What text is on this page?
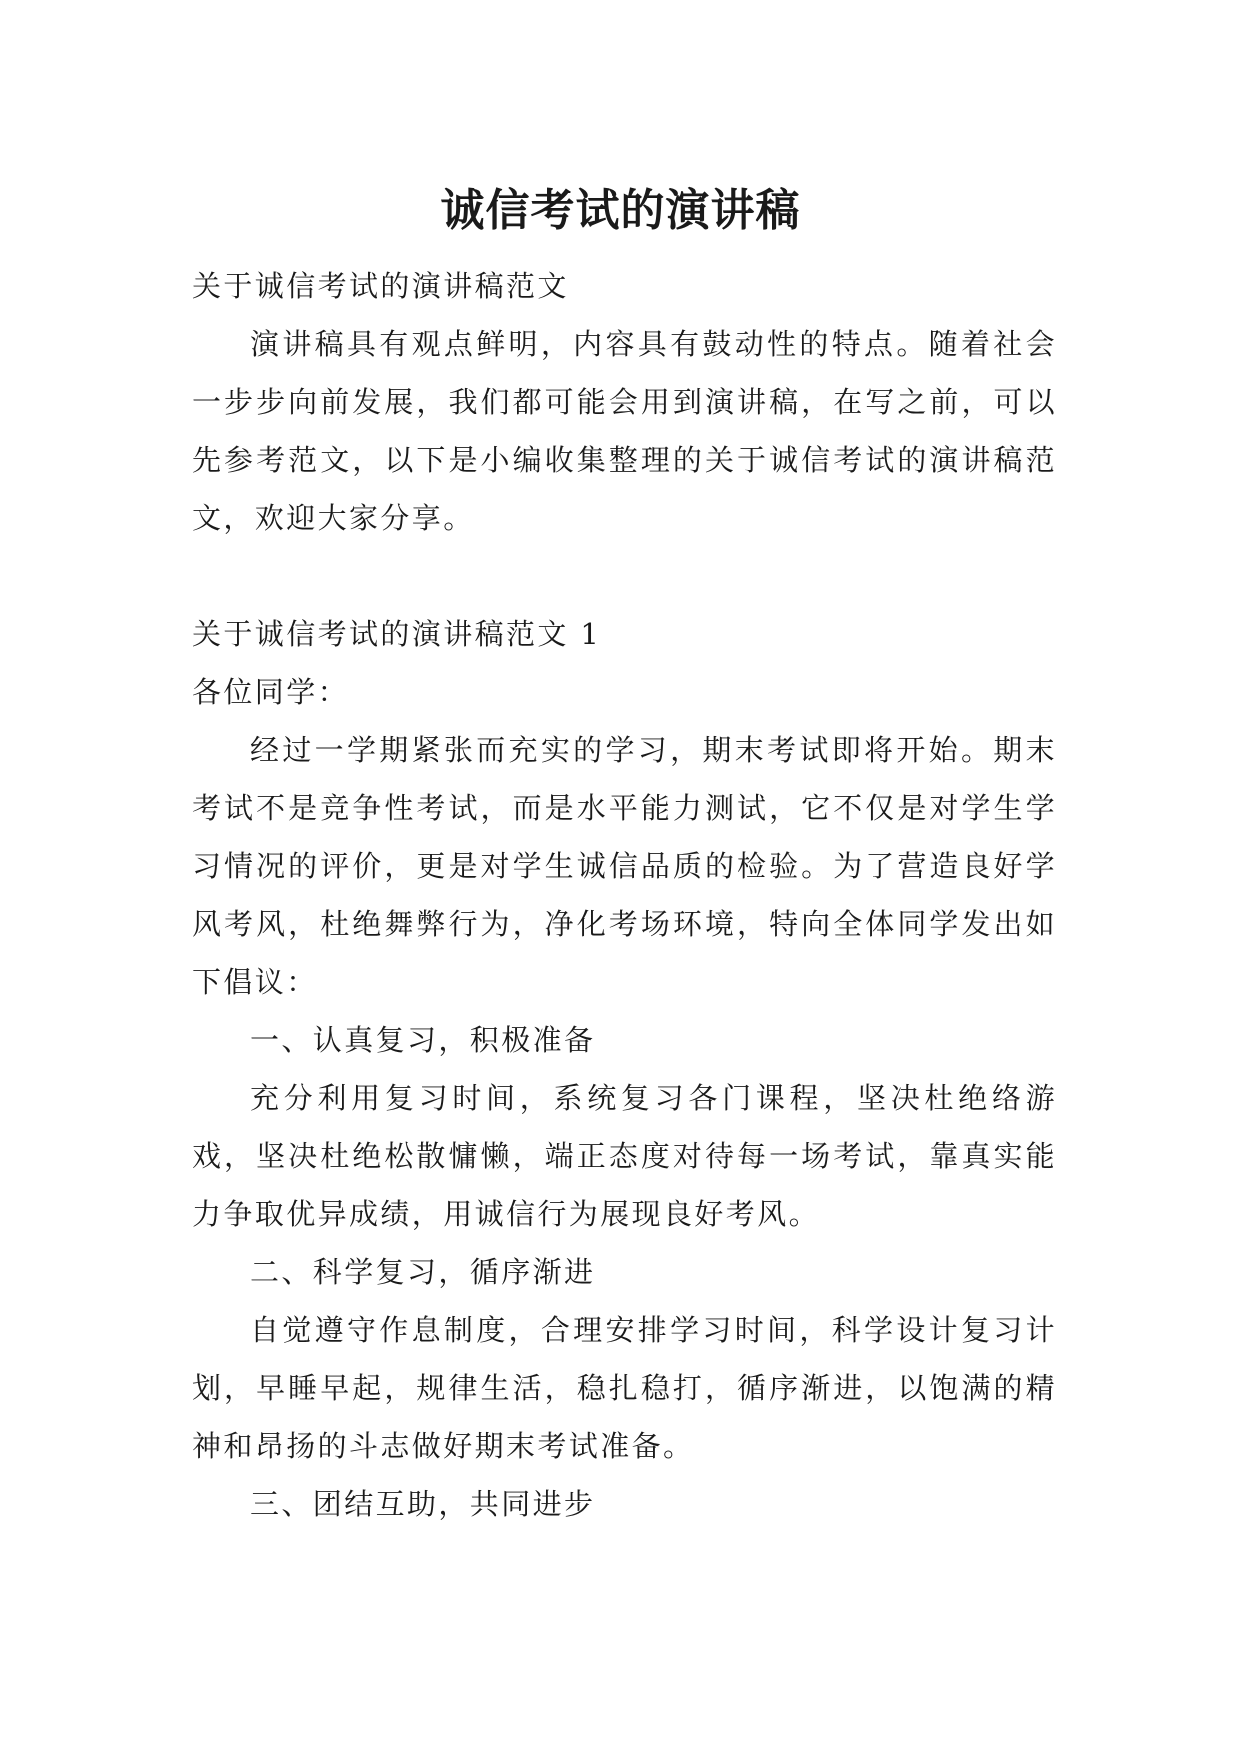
诚信考试的演讲稿

关于诚信考试的演讲稿范文

演讲稿具有观点鲜明，内容具有鼓动性的特点。随着社会一步步向前发展，我们都可能会用到演讲稿，在写之前，可以先参考范文，以下是小编收集整理的关于诚信考试的演讲稿范文，欢迎大家分享。

关于诚信考试的演讲稿范文 1

各位同学：

经过一学期紧张而充实的学习，期末考试即将开始。期末考试不是竞争性考试，而是水平能力测试，它不仅是对学生学习情况的评价，更是对学生诚信品质的检验。为了营造良好学风考风，杜绝舞弊行为，净化考场环境，特向全体同学发出如下倡议：

一、认真复习，积极准备

充分利用复习时间，系统复习各门课程，坚决杜绝络游戏，坚决杜绝松散慵懒，端正态度对待每一场考试，靠真实能力争取优异成绩，用诚信行为展现良好考风。

二、科学复习，循序渐进

自觉遵守作息制度，合理安排学习时间，科学设计复习计划，早睡早起，规律生活，稳扎稳打，循序渐进，以饱满的精神和昂扬的斗志做好期末考试准备。

三、团结互助，共同进步
